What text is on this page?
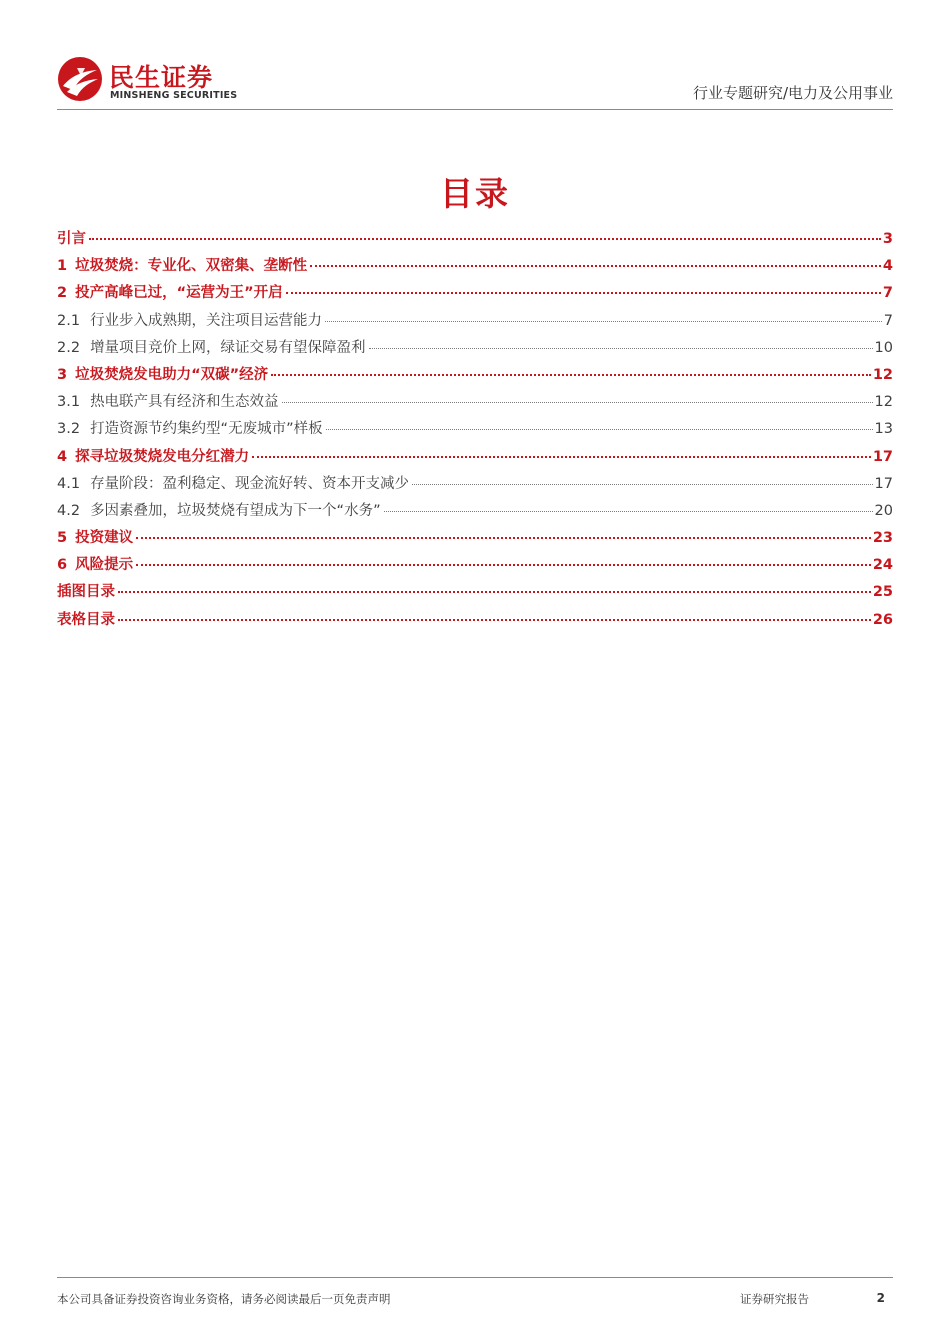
民生证券
MINSHENG SECURITIES	行业专题研究/电力及公用事业
目录
引言	3
1 垃圾焚烧：专业化、双密集、垄断性	4
2 投产高峰已过，“运营为王”开启	7
2.1 行业步入成熟期，关注项目运营能力	7
2.2 增量项目竞价上网，绿证交易有望保障盈利	10
3 垃圾焚烧发电助力“双碳”经济	12
3.1 热电联产具有经济和生态效益	12
3.2 打造资源节约集约型“无废城市”样板	13
4 探寻垃圾焚烧发电分红潜力	17
4.1 存量阶段：盈利稳定、现金流好转、资本开支减少	17
4.2 多因素叠加，垃圾焚烧有望成为下一个“水务”	20
5 投资建议	23
6 风险提示	24
插图目录	25
表格目录	26
本公司具备证券投资咨询业务资格，请务必阅读最后一页免责声明	证券研究报告	2
